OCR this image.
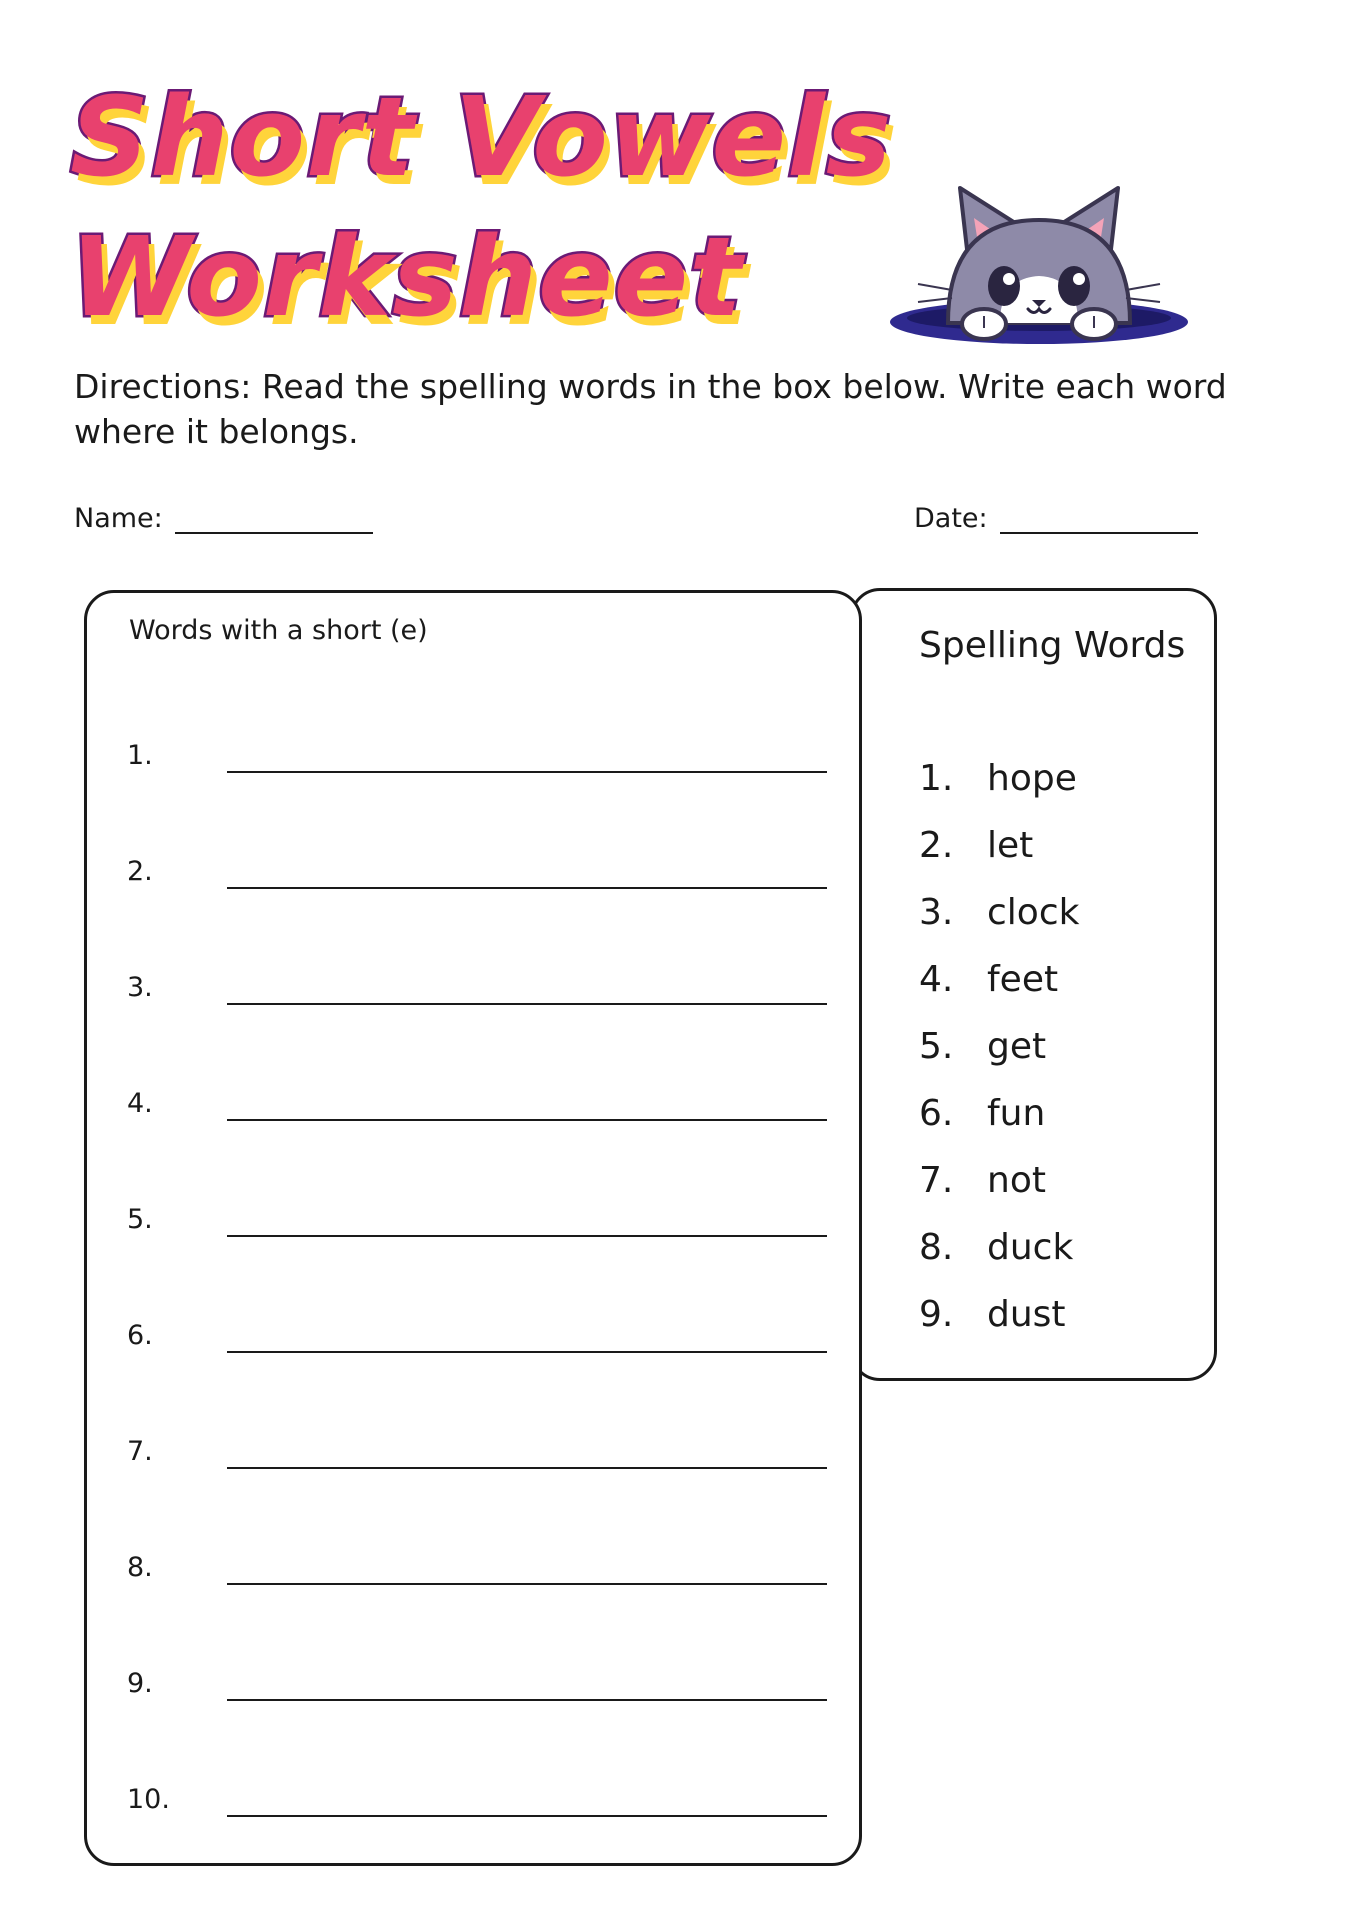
Short Vowels
Worksheet

Directions: Read the spelling words in the box below. Write each word where it belongs.

Name:	Date:
Spelling Words
1. hope
2. let
3. clock
4. feet
5. get
6. fun
7. not
8. duck
9. dust
Words with a short (e)
1.
2.
3.
4.
5.
6.
7.
8.
9.
10.
